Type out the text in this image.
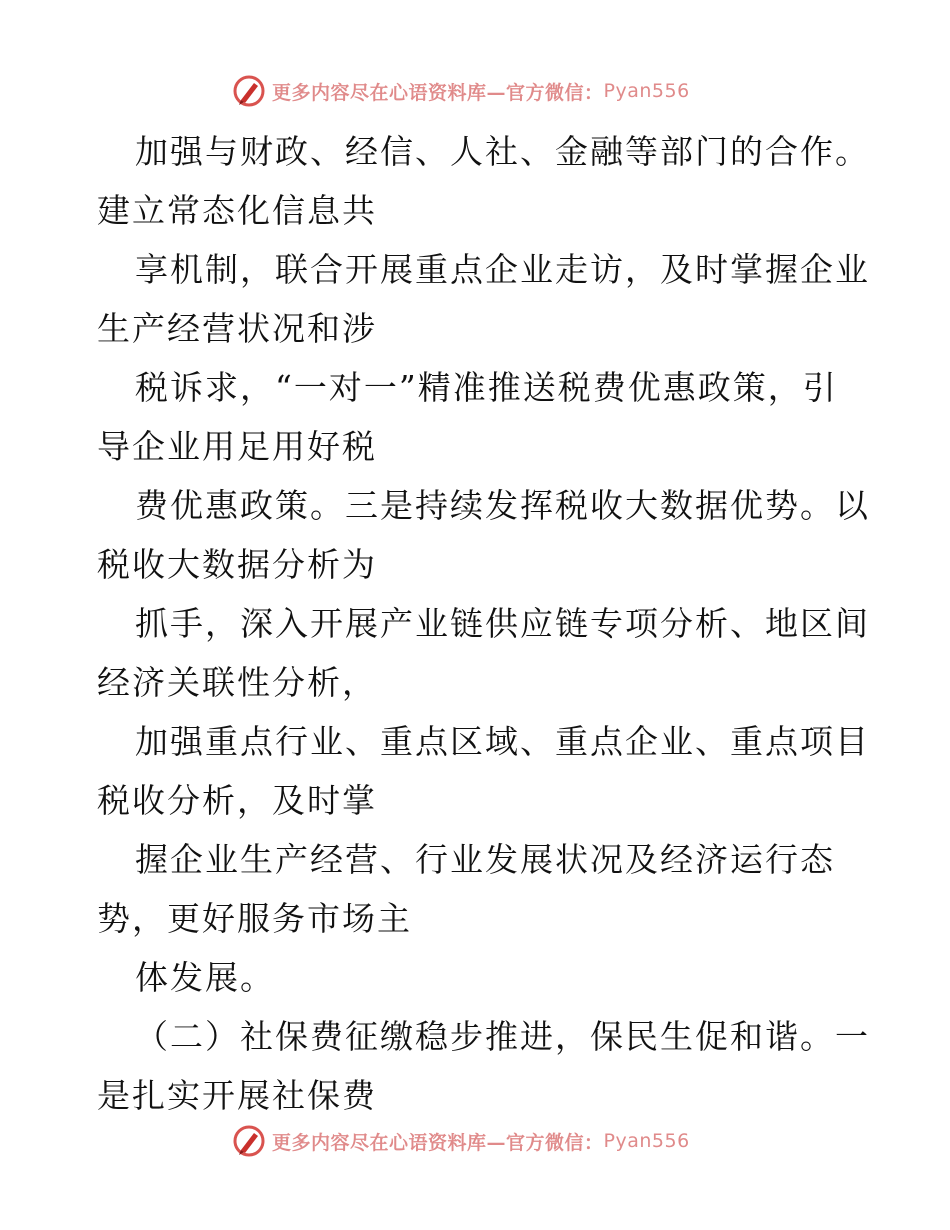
更多内容尽在心语资料库—官方微信： Pyan556
加强与财政、经信、人社、金融等部门的合作。
建立常态化信息共
享机制，联合开展重点企业走访，及时掌握企业
生产经营状况和涉
税诉求，“一对一”精准推送税费优惠政策，引
导企业用足用好税
费优惠政策。三是持续发挥税收大数据优势。以
税收大数据分析为
抓手，深入开展产业链供应链专项分析、地区间
经济关联性分析，
加强重点行业、重点区域、重点企业、重点项目
税收分析，及时掌
握企业生产经营、行业发展状况及经济运行态
势，更好服务市场主
体发展。
（二）社保费征缴稳步推进，保民生促和谐。一
是扎实开展社保费
更多内容尽在心语资料库—官方微信： Pyan556
